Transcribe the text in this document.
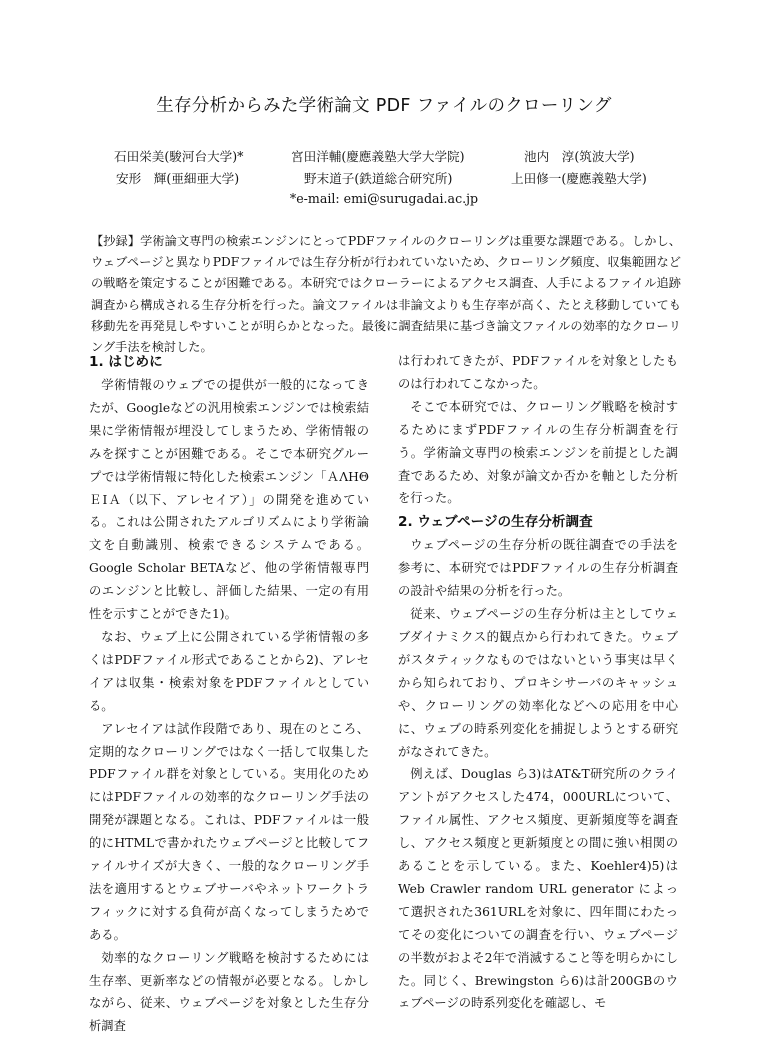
生存分析からみた学術論文 PDF ファイルのクローリング
石田栄美(駿河台大学)*	宮田洋輔(慶應義塾大学大学院)	池内　淳(筑波大学)
安形　輝(亜細亜大学)	野末道子(鉄道総合研究所)	上田修一(慶應義塾大学)
*e-mail: emi@surugadai.ac.jp

【抄録】学術論文専門の検索エンジンにとってPDFファイルのクローリングは重要な課題である。しかし、ウェブページと異なりPDFファイルでは生存分析が行われていないため、クローリング頻度、収集範囲などの戦略を策定することが困難である。本研究ではクローラーによるアクセス調査、人手によるファイル追跡調査から構成される生存分析を行った。論文ファイルは非論文よりも生存率が高く、たとえ移動していても移動先を再発見しやすいことが明らかとなった。最後に調査結果に基づき論文ファイルの効率的なクローリング手法を検討した。

1. はじめに

学術情報のウェブでの提供が一般的になってきたが、Googleなどの汎用検索エンジンでは検索結果に学術情報が埋没してしまうため、学術情報のみを探すことが困難である。そこで本研究グループでは学術情報に特化した検索エンジン「ＡΛΗΘＥΙＡ（以下、アレセイア）」の開発を進めている。これは公開されたアルゴリズムにより学術論文を自動識別、検索できるシステムである。Google Scholar BETAなど、他の学術情報専門のエンジンと比較し、評価した結果、一定の有用性を示すことができた1)。

なお、ウェブ上に公開されている学術情報の多くはPDFファイル形式であることから2)、アレセイアは収集・検索対象をPDFファイルとしている。

アレセイアは試作段階であり、現在のところ、定期的なクローリングではなく一括して収集したPDFファイル群を対象としている。実用化のためにはPDFファイルの効率的なクローリング手法の開発が課題となる。これは、PDFファイルは一般的にHTMLで書かれたウェブページと比較してファイルサイズが大きく、一般的なクローリング手法を適用するとウェブサーバやネットワークトラフィックに対する負荷が高くなってしまうためである。

効率的なクローリング戦略を検討するためには生存率、更新率などの情報が必要となる。しかしながら、従来、ウェブページを対象とした生存分析調査

は行われてきたが、PDFファイルを対象としたものは行われてこなかった。

そこで本研究では、クローリング戦略を検討するためにまずPDFファイルの生存分析調査を行う。学術論文専門の検索エンジンを前提とした調査であるため、対象が論文か否かを軸とした分析を行った。

2. ウェブページの生存分析調査

ウェブページの生存分析の既往調査での手法を参考に、本研究ではPDFファイルの生存分析調査の設計や結果の分析を行った。

従来、ウェブページの生存分析は主としてウェブダイナミクス的観点から行われてきた。ウェブがスタティックなものではないという事実は早くから知られており、プロキシサーバのキャッシュや、クローリングの効率化などへの応用を中心に、ウェブの時系列変化を捕捉しようとする研究がなされてきた。

例えば、Douglas ら3)はAT&T研究所のクライアントがアクセスした474，000URLについて、ファイル属性、アクセス頻度、更新頻度等を調査し、アクセス頻度と更新頻度との間に強い相関のあることを示している。また、Koehler4)5)は Web Crawler random URL generator によって選択された361URLを対象に、四年間にわたってその変化についての調査を行い、ウェブページの半数がおよそ2年で消滅すること等を明らかにした。同じく、Brewingston ら6)は計200GBのウェブページの時系列変化を確認し、モ
